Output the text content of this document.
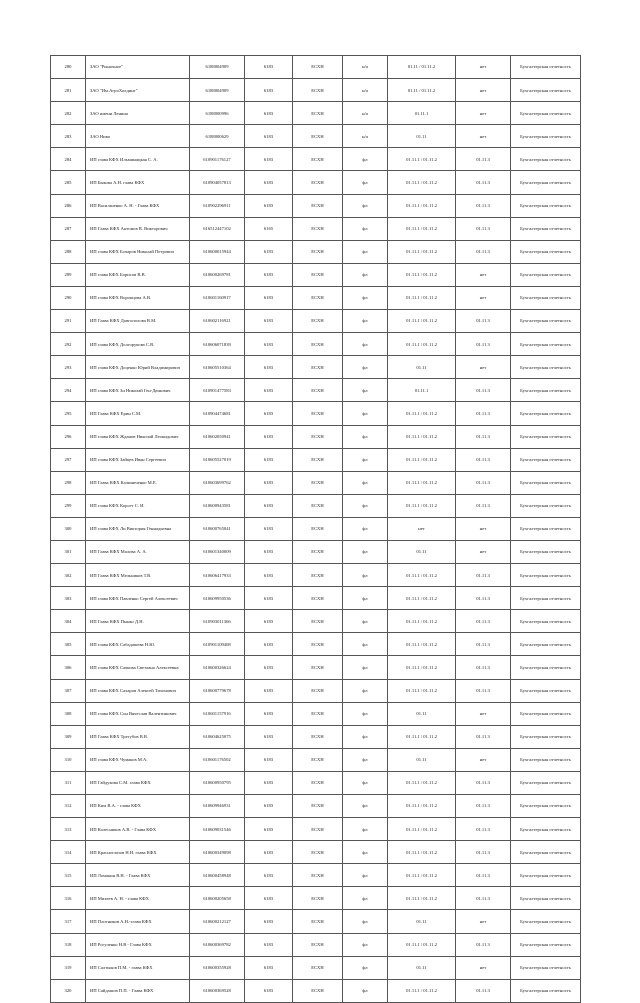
280	ЗАО "Рыночное"	6188004909	6183	ЕСХН	н/а	01.11 / 01.11.2	нет	Бухгалтерская отчетность
281	ЗАО "Им.АгроХолдинг"	6188004909	6183	ЕСХН	н/а	01.11 / 01.11.2	нет	Бухгалтерская отчетность
282	ЗАО имени Ленина	6188000996	6183	ЕСХН	н/а	01.11.1	нет	Бухгалтерская отчетность
283	ЗАО Нива	6188000629	6183	ЕСХН	н/а	01.11	нет	Бухгалтерская отчетность
284	ИП глава КФХ Ильминицкая С. А.	610901176127	6183	ЕСХН	фл	01.11.1 / 01.11.2	01.11.3	Бухгалтерская отчетность
285	ИП Быкова А.Н. глава КФХ	610904057813	6183	ЕСХН	фл	01.11.1 / 01.11.2	01.11.3	Бухгалтерская отчетность
286	ИП Васильченко А. Н. - Глава КФХ	610902296911	6183	ЕСХН	фл	01.11.1 / 01.11.2	01.11.3	Бухгалтерская отчетность
287	ИП Глава КФХ Антонов В. Викторович	616512447102	6165	ЕСХН	фл	01.11.1 / 01.11.2	01.11.3	Бухгалтерская отчетность
288	ИП глава КФХ Бочаров Николай Петрович	610600015944	6183	ЕСХН	фл	01.11.1 / 01.11.2	01.11.3	Бухгалтерская отчетность
289	ИП глава КФХ Борисов В.В.	610600269781	6183	ЕСХН	фл	01.11.1 / 01.11.2	нет	Бухгалтерская отчетность
290	ИП глава КФХ Воронцова А.В.	610601160917	6183	ЕСХН	фл	01.11.1 / 01.11.2	нет	Бухгалтерская отчетность
291	ИП Глава КФХ Довгополова В.М.	610602116921	6183	ЕСХН	фл	01.11.1 / 01.11.2	01.11.3	Бухгалтерская отчетность
292	ИП глава КФХ Долгорукова С.В.	610606071839	6183	ЕСХН	фл	01.11.1 / 01.11.2	01.11.3	Бухгалтерская отчетность
293	ИП глава КФХ Доценко Юрий Владимирович	610605510364	6183	ЕСХН	фл	01.11	нет	Бухгалтерская отчетность
294	ИП глава КФХ Зи Николай Ген-Дюнович	610901477583	6183	ЕСХН	фл	01.11.1	01.11.3	Бухгалтерская отчетность
295	ИП Глава КФХ Ерин С.М.	610904474681	6183	ЕСХН	фл	01.11.1 / 01.11.2	01.11.3	Бухгалтерская отчетность
296	ИП глава КФХ Жданов Николай Леонидович	610602050941	6183	ЕСХН	фл	01.11.1 / 01.11.2	01.11.3	Бухгалтерская отчетность
297	ИП глава КФХ Зайцев Иван Сергеевич	610605527019	6183	ЕСХН	фл	01.11.1 / 01.11.2	01.11.3	Бухгалтерская отчетность
298	ИП Глава КФХ Калиниченко М.Е.	610603699762	6183	ЕСХН	фл	01.11.1 / 01.11.2	01.11.3	Бухгалтерская отчетность
299	ИП глава КФХ Корсет С. И.	610600943581	6183	ЕСХН	фл	01.11.1 / 01.11.2	01.11.3	Бухгалтерская отчетность
300	ИП глава КФХ Ли Виктория Геннадьевна	610600765041	6183	ЕСХН	фл	нет	нет	Бухгалтерская отчетность
301	ИП Глава КФХ Малова А. А.	610601340009	6183	ЕСХН	фл	01.11	нет	Бухгалтерская отчетность
302	ИП Глава КФХ Мельников Т.В.	610606417933	6183	ЕСХН	фл	01.11.1 / 01.11.2	01.11.3	Бухгалтерская отчетность
303	ИП глава КФХ Павленко Сергей Алексеевич	610609950536	6183	ЕСХН	фл	01.11.1 / 01.11.2	01.11.3	Бухгалтерская отчетность
304	ИП Глава КФХ Пынко Д.Н.	610903011366	6183	ЕСХН	фл	01.11.1 / 01.11.2	01.11.3	Бухгалтерская отчетность
305	ИП глава КФХ Сабадашева Н.Ю.	610901109408	6183	ЕСХН	фл	01.11.1 / 01.11.2	01.11.3	Бухгалтерская отчетность
306	ИП глава КФХ Сачкова Светлана Алексеевна	610600326624	6183	ЕСХН	фл	01.11.1 / 01.11.2	01.11.3	Бухгалтерская отчетность
307	ИП глава КФХ Сахаров Алексей Тихонович	610600779678	6183	ЕСХН	фл	01.11.1 / 01.11.2	01.11.3	Бухгалтерская отчетность
308	ИП глава КФХ Сон Вячеслав Валентинович	610601157916	6183	ЕСХН	фл	01.11	нет	Бухгалтерская отчетность
309	ИП Глава КФХ Трегубов В.В.	610604625075	6183	ЕСХН	фл	01.11.1 / 01.11.2	01.11.3	Бухгалтерская отчетность
310	ИП глава КФХ Чумаков М.А.	610601176502	6183	ЕСХН	фл	01.11	нет	Бухгалтерская отчетность
311	ИП Гайдукова С.М. глава КФХ	610600950795	6183	ЕСХН	фл	01.11.1 / 01.11.2	01.11.3	Бухгалтерская отчетность
312	ИП Ким В.А. - глава КФХ	610609946931	6183	ЕСХН	фл	01.11.1 / 01.11.2	01.11.3	Бухгалтерская отчетность
313	ИП Колесников А.В. - Глава КФХ	610609031546	6183	ЕСХН	фл	01.11.1 / 01.11.2	01.11.3	Бухгалтерская отчетность
314	ИП Красноглазов Н.Н. глава КФХ	610600349098	6183	ЕСХН	фл	01.11.1 / 01.11.2	01.11.3	Бухгалтерская отчетность
315	ИП Ломакин В.Н. - Глава КФХ	610600458948	6183	ЕСХН	фл	01.11.1 / 01.11.2	01.11.3	Бухгалтерская отчетность
316	ИП Михеев А. Н. - глава КФХ	610600205658	6183	ЕСХН	фл	01.11.1 / 01.11.2	01.11.3	Бухгалтерская отчетность
317	ИП Плотников А.Н.-глава КФХ	610600212127	6183	ЕСХН	фл	01.11	нет	Бухгалтерская отчетность
318	ИП Рогуленко Н.В - Глава КФХ	610600369782	6183	ЕСХН	фл	01.11.1 / 01.11.2	01.11.3	Бухгалтерская отчетность
319	ИП Салтыков П.М. - глава КФХ	610600355928	6183	ЕСХН	фл	01.11	нет	Бухгалтерская отчетность
320	ИП Сайдашов П.П. - Глава КФХ	610600369528	6183	ЕСХН	фл	01.11.1 / 01.11.2	01.11.3	Бухгалтерская отчетность
